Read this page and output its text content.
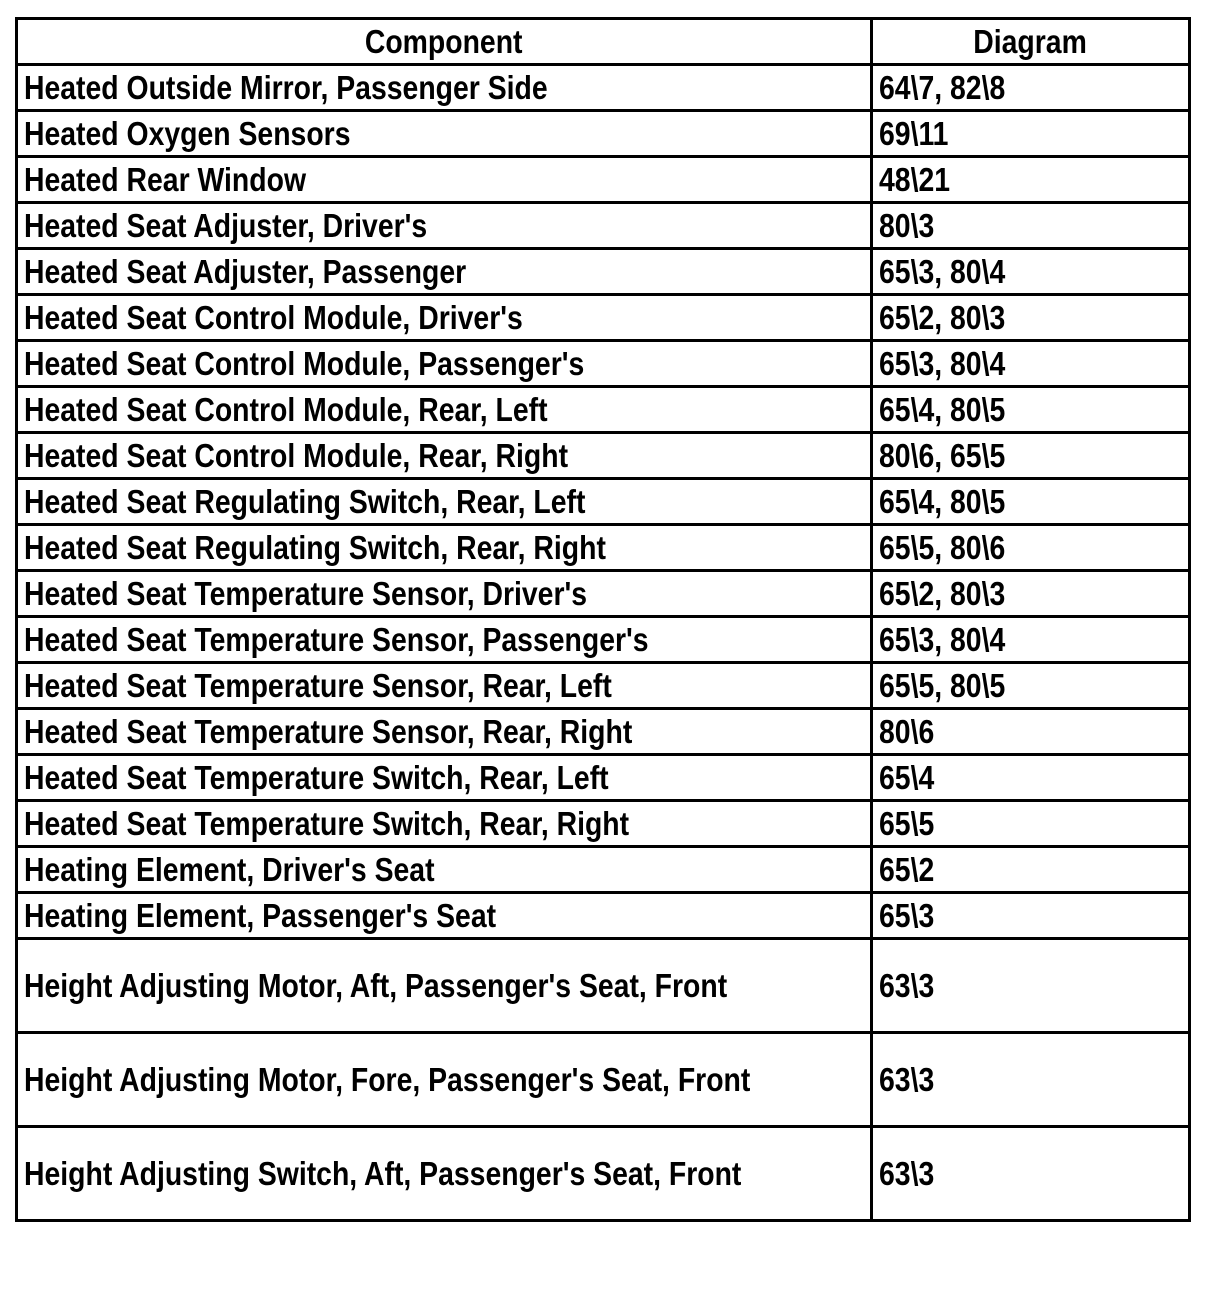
Component	Diagram
Heated Outside Mirror, Passenger Side	64\7, 82\8
Heated Oxygen Sensors	69\11
Heated Rear Window	48\21
Heated Seat Adjuster, Driver's	80\3
Heated Seat Adjuster, Passenger	65\3, 80\4
Heated Seat Control Module, Driver's	65\2, 80\3
Heated Seat Control Module, Passenger's	65\3, 80\4
Heated Seat Control Module, Rear, Left	65\4, 80\5
Heated Seat Control Module, Rear, Right	80\6, 65\5
Heated Seat Regulating Switch, Rear, Left	65\4, 80\5
Heated Seat Regulating Switch, Rear, Right	65\5, 80\6
Heated Seat Temperature Sensor, Driver's	65\2, 80\3
Heated Seat Temperature Sensor, Passenger's	65\3, 80\4
Heated Seat Temperature Sensor, Rear, Left	65\5, 80\5
Heated Seat Temperature Sensor, Rear, Right	80\6
Heated Seat Temperature Switch, Rear, Left	65\4
Heated Seat Temperature Switch, Rear, Right	65\5
Heating Element, Driver's Seat	65\2
Heating Element, Passenger's Seat	65\3
Height Adjusting Motor, Aft, Passenger's Seat, Front	63\3
Height Adjusting Motor, Fore, Passenger's Seat, Front	63\3
Height Adjusting Switch, Aft, Passenger's Seat, Front	63\3
